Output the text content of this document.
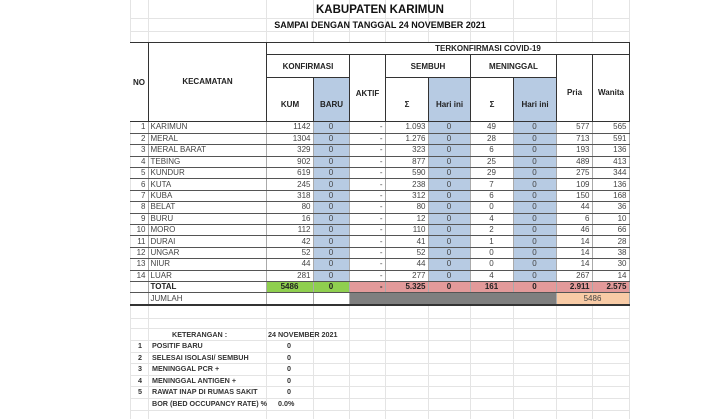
KABUPATEN KARIMUN
SAMPAI DENGAN TANGGAL 24 NOVEMBER 2021
NO	KECAMATAN
TERKONFIRMASI COVID-19
KONFIRMASI
KUM	BARU
AKTIF
SEMBUH
Σ	Hari ini
MENINGGAL
Σ	Hari ini
Pria	Wanita
1	KARIMUN	1142	0	-	1.093	0	49	0	577	565
2	MERAL	1304	0	-	1.276	0	28	0	713	591
3	MERAL BARAT	329	0	-	323	0	6	0	193	136
4	TEBING	902	0	-	877	0	25	0	489	413
5	KUNDUR	619	0	-	590	0	29	0	275	344
6	KUTA	245	0	-	238	0	7	0	109	136
7	KUBA	318	0	-	312	0	6	0	150	168
8	BELAT	80	0	-	80	0	0	0	44	36
9	BURU	16	0	-	12	0	4	0	6	10
10	MORO	112	0	-	110	0	2	0	46	66
11	DURAI	42	0	-	41	0	1	0	14	28
12	UNGAR	52	0	-	52	0	0	0	14	38
13	NIUR	44	0	-	44	0	0	0	14	30
14	LUAR	281	0	-	277	0	4	0	267	14
	TOTAL	5486	0	-	5.325	0	161	0	2.911	2.575
	JUMLAH								5486	
KETERANGAN :	24 NOVEMBER 2021
1 POSITIF BARU	0
2 SELESAI ISOLASI/ SEMBUH	0
3 MENINGGAL PCR +	0
4 MENINGGAL ANTIGEN +	0
5 RAWAT INAP DI RUMAS SAKIT	0
BOR (BED OCCUPANCY RATE) % 0.0%
